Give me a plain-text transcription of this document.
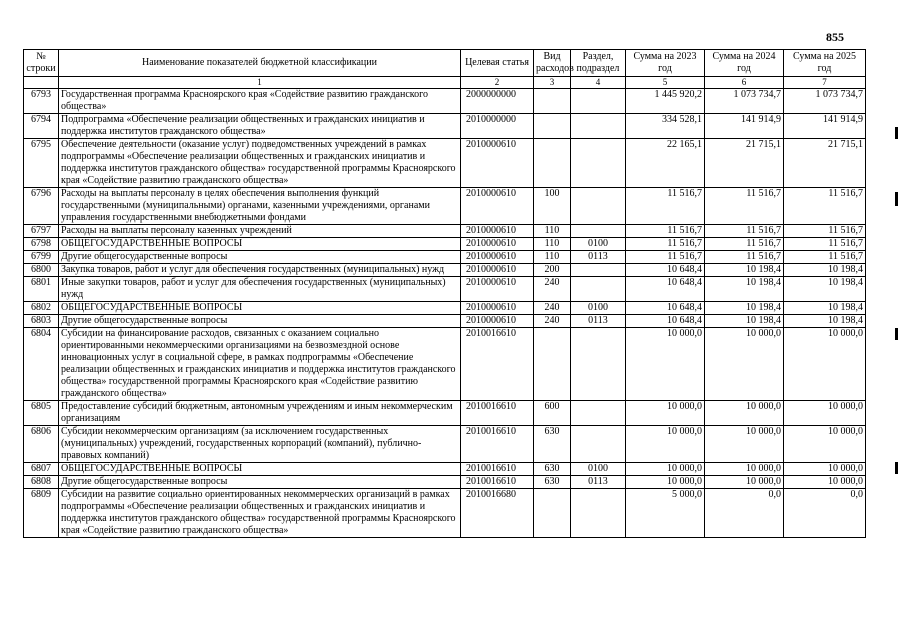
855
№ строки	Наименование показателей бюджетной классификации	Целевая статья	Вид расходов	Раздел, подраздел	Сумма на 2023 год	Сумма на 2024 год	Сумма на 2025 год
	1	2	3	4	5	6	7
6793	Государственная программа Красноярского края «Содействие развитию гражданского общества»	2000000000			1 445 920,2	1 073 734,7	1 073 734,7
6794	Подпрограмма «Обеспечение реализации общественных и гражданских инициатив и поддержка институтов гражданского общества»	2010000000			334 528,1	141 914,9	141 914,9
6795	Обеспечение деятельности (оказание услуг) подведомственных учреждений в рамках подпрограммы «Обеспечение реализации общественных и гражданских инициатив и поддержка институтов гражданского общества» государственной программы Красноярского края «Содействие развитию гражданского общества»	2010000610			22 165,1	21 715,1	21 715,1
6796	Расходы на выплаты персоналу в целях обеспечения выполнения функций государственными (муниципальными) органами, казенными учреждениями, органами управления государственными внебюджетными фондами	2010000610	100		11 516,7	11 516,7	11 516,7
6797	Расходы на выплаты персоналу казенных учреждений	2010000610	110		11 516,7	11 516,7	11 516,7
6798	ОБЩЕГОСУДАРСТВЕННЫЕ ВОПРОСЫ	2010000610	110	0100	11 516,7	11 516,7	11 516,7
6799	Другие общегосударственные вопросы	2010000610	110	0113	11 516,7	11 516,7	11 516,7
6800	Закупка товаров, работ и услуг для обеспечения государственных (муниципальных) нужд	2010000610	200		10 648,4	10 198,4	10 198,4
6801	Иные закупки товаров, работ и услуг для обеспечения государственных (муниципальных) нужд	2010000610	240		10 648,4	10 198,4	10 198,4
6802	ОБЩЕГОСУДАРСТВЕННЫЕ ВОПРОСЫ	2010000610	240	0100	10 648,4	10 198,4	10 198,4
6803	Другие общегосударственные вопросы	2010000610	240	0113	10 648,4	10 198,4	10 198,4
6804	Субсидии на финансирование расходов, связанных с оказанием социально ориентированными некоммерческими организациями на безвозмездной основе инновационных услуг в социальной сфере, в рамках подпрограммы «Обеспечение реализации общественных и гражданских инициатив и поддержка институтов гражданского общества» государственной программы Красноярского края «Содействие развитию гражданского общества»	2010016610			10 000,0	10 000,0	10 000,0
6805	Предоставление субсидий бюджетным, автономным учреждениям и иным некоммерческим организациям	2010016610	600		10 000,0	10 000,0	10 000,0
6806	Субсидии некоммерческим организациям (за исключением государственных (муниципальных) учреждений, государственных корпораций (компаний), публично-правовых компаний)	2010016610	630		10 000,0	10 000,0	10 000,0
6807	ОБЩЕГОСУДАРСТВЕННЫЕ ВОПРОСЫ	2010016610	630	0100	10 000,0	10 000,0	10 000,0
6808	Другие общегосударственные вопросы	2010016610	630	0113	10 000,0	10 000,0	10 000,0
6809	Субсидии на развитие социально ориентированных некоммерческих организаций в рамках подпрограммы «Обеспечение реализации общественных и гражданских инициатив и поддержка институтов гражданского общества» государственной программы Красноярского края «Содействие развитию гражданского общества»	2010016680			5 000,0	0,0	0,0
